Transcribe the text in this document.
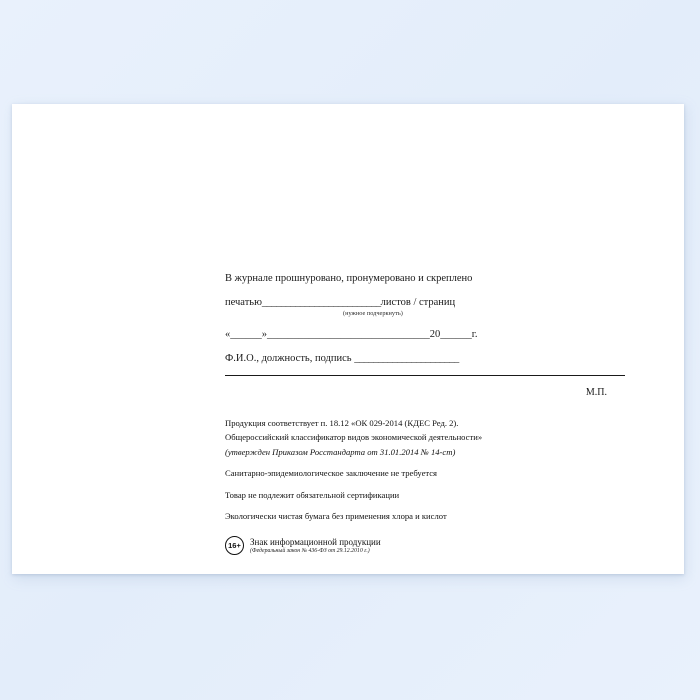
В журнале прошнуровано, пронумеровано и скреплено
печатью_________________________листов / страниц
(нужное подчеркнуть)
«______»_______________________________20______г.
Ф.И.О., должность, подпись ______________________
М.П.
Продукция соответствует п. 18.12 «ОК 029-2014 (КДЕС Ред. 2).
Общероссийский классификатор видов экономической деятельности»
(утвержден Приказом Росстандарта от 31.01.2014 № 14-ст)
Санитарно-эпидемиологическое заключение не требуется
Товар не подлежит обязательной сертификации
Экологически чистая бумага без применения хлора и кислот
16+	Знак информационной продукции
(Федеральный закон № 436-ФЗ от 29.12.2010 г.)
